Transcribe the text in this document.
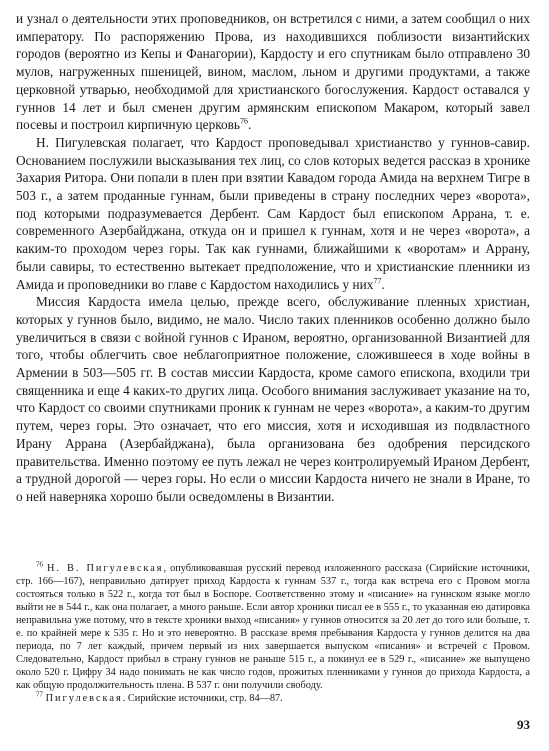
и узнал о деятельности этих проповедников, он встретился с ними, а затем сообщил о них императору. По распоряжению Прова, из находившихся поблизости византийских городов (вероятно из Кепы и Фанагории), Кардосту и его спутникам было отправлено 30 мулов, нагруженных пшеницей, вином, маслом, льном и другими продуктами, а также церковной утварью, необходимой для христианского богослужения. Кардост оставался у гуннов 14 лет и был сменен другим армянским епископом Макаром, который завел посевы и построил кирпичную церковь$^{76}$.

Н. Пигулевская полагает, что Кардост проповедывал христианство у гуннов-савир. Основанием послужили высказывания тех лиц, со слов которых ведется рассказ в хронике Захария Ритора. Они попали в плен при взятии Кавадом города Амида на верхнем Тигре в 503 г., а затем проданные гуннам, были приведены в страну последних через «ворота», под которыми подразумевается Дербент. Сам Кардост был епископом Аррана, т. е. современного Азербайджана, откуда он и пришел к гуннам, хотя и не через «ворота», а каким-то проходом через горы. Так как гуннами, ближайшими к «воротам» и Аррану, были савиры, то естественно вытекает предположение, что и христианские пленники из Амида и проповедники во главе с Кардостом находились у них$^{77}$.

Миссия Кардоста имела целью, прежде всего, обслуживание пленных христиан, которых у гуннов было, видимо, не мало. Число таких пленников особенно должно было увеличиться в связи с войной гуннов с Ираном, вероятно, организованной Византией для того, чтобы облегчить свое неблагоприятное положение, сложившееся в ходе войны в Армении в 503—505 гг. В состав миссии Кардоста, кроме самого епископа, входили три священника и еще 4 каких-то других лица. Особого внимания заслуживает указание на то, что Кардост со своими спутниками проник к гуннам не через «ворота», а каким-то другим путем, через горы. Это означает, что его миссия, хотя и исходившая из подвластного Ирану Аррана (Азербайджана), была организована без одобрения персидского правительства. Именно поэтому ее путь лежал не через контролируемый Ираном Дербент, а трудной дорогой — через горы. Но если о миссии Кардоста ничего не знали в Иране, то о ней наверняка хорошо были осведомлены в Византии.

$^{76}$ Н. В. Пигулевская, опубликовавшая русский перевод изложенного рассказа (Сирийские источники, стр. 166—167), неправильно датирует приход Кардоста к гуннам 537 г., тогда как встреча его с Провом могла состояться только в 522 г., когда тот был в Боспоре. Соответственно этому и «писание» на гуннском языке могло выйти не в 544 г., как она полагает, а много раньше. Если автор хроники писал ее в 555 г., то указанная ею датировка неправильна уже потому, что в тексте хроники выход «писания» у гуннов относится за 20 лет до того или больше, т. е. по крайней мере к 535 г. Но и это невероятно. В рассказе время пребывания Кардоста у гуннов делится на два периода, по 7 лет каждый, причем первый из них завершается выпуском «писания» и встречей с Провом. Следовательно, Кардост прибыл в страну гуннов не раньше 515 г., а покинул ее в 529 г., «писание» же выпущено около 520 г. Цифру 34 надо понимать не как число годов, прожитых пленниками у гуннов до прихода Кардоста, а как общую продолжительность плена. В 537 г. они получили свободу.

$^{77}$ Пигулевская. Сирийские источники, стр. 84—87.

93
